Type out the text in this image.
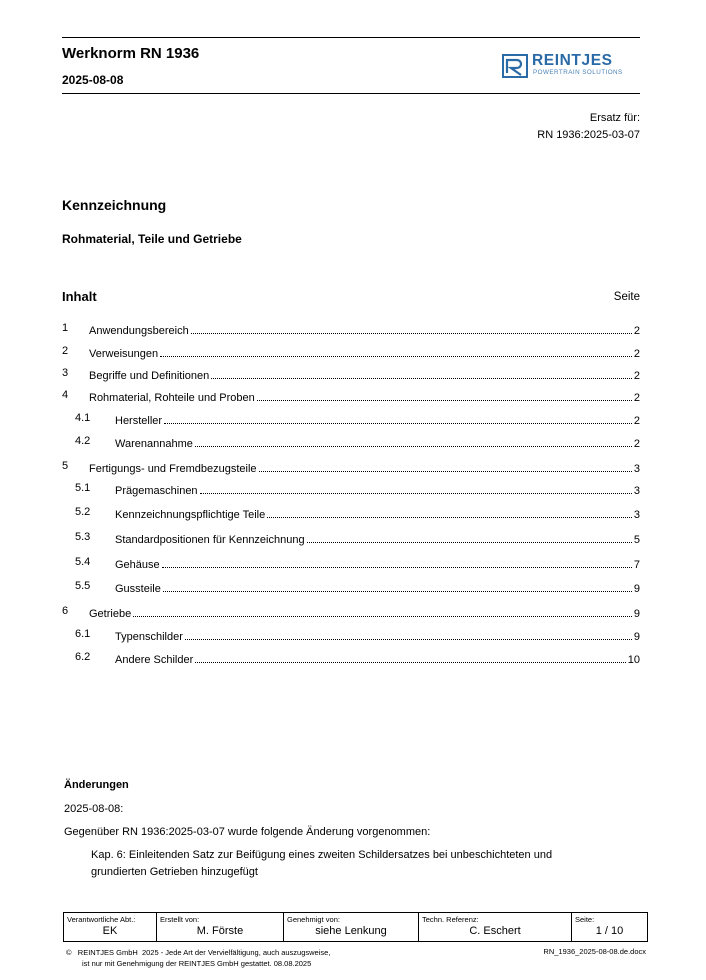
Werknorm RN 1936
2025-08-08
REINTJES
POWERTRAIN SOLUTIONS
Ersatz für:
RN 1936:2025-03-07
Kennzeichnung
Rohmaterial, Teile und Getriebe
Inhalt	Seite
1 Anwendungsbereich	2
2 Verweisungen	2
3 Begriffe und Definitionen	2
4 Rohmaterial, Rohteile und Proben	2
4.1 Hersteller	2
4.2 Warenannahme	2
5 Fertigungs- und Fremdbezugsteile	3
5.1 Prägemaschinen	3
5.2 Kennzeichnungspflichtige Teile	3
5.3 Standardpositionen für Kennzeichnung	5
5.4 Gehäuse	7
5.5 Gussteile	9
6 Getriebe	9
6.1 Typenschilder	9
6.2 Andere Schilder	10
Änderungen
2025-08-08:
Gegenüber RN 1936:2025-03-07 wurde folgende Änderung vorgenommen:
Kap. 6: Einleitenden Satz zur Beifügung eines zweiten Schildersatzes bei unbeschichteten und
grundierten Getrieben hinzugefügt
Verantwortliche Abt.:
EK

Erstellt von:
M. Förste

Genehmigt von:
siehe Lenkung

Techn. Referenz:
C. Eschert

Seite:
1 / 10
©   REINTJES GmbH  2025 - Jede Art der Vervielfältigung, auch auszugsweise,
ist nur mit Genehmigung der REINTJES GmbH gestattet. 08.08.2025
RN_1936_2025-08-08.de.docx
